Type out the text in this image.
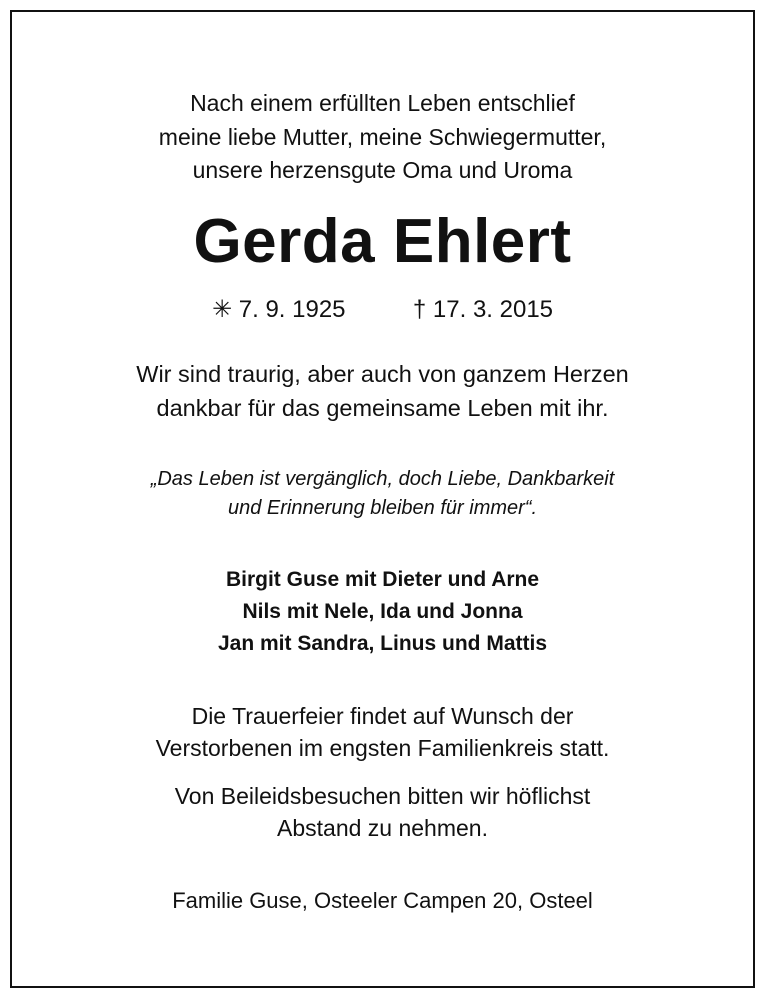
Nach einem erfüllten Leben entschlief
meine liebe Mutter, meine Schwiegermutter,
unsere herzensgute Oma und Uroma
Gerda Ehlert
✳ 7. 9. 1925	† 17. 3. 2015
Wir sind traurig, aber auch von ganzem Herzen
dankbar für das gemeinsame Leben mit ihr.
„Das Leben ist vergänglich, doch Liebe, Dankbarkeit
und Erinnerung bleiben für immer“.
Birgit Guse mit Dieter und Arne
Nils mit Nele, Ida und Jonna
Jan mit Sandra, Linus und Mattis
Die Trauerfeier findet auf Wunsch der
Verstorbenen im engsten Familienkreis statt.
Von Beileidsbesuchen bitten wir höflichst
Abstand zu nehmen.
Familie Guse, Osteeler Campen 20, Osteel
